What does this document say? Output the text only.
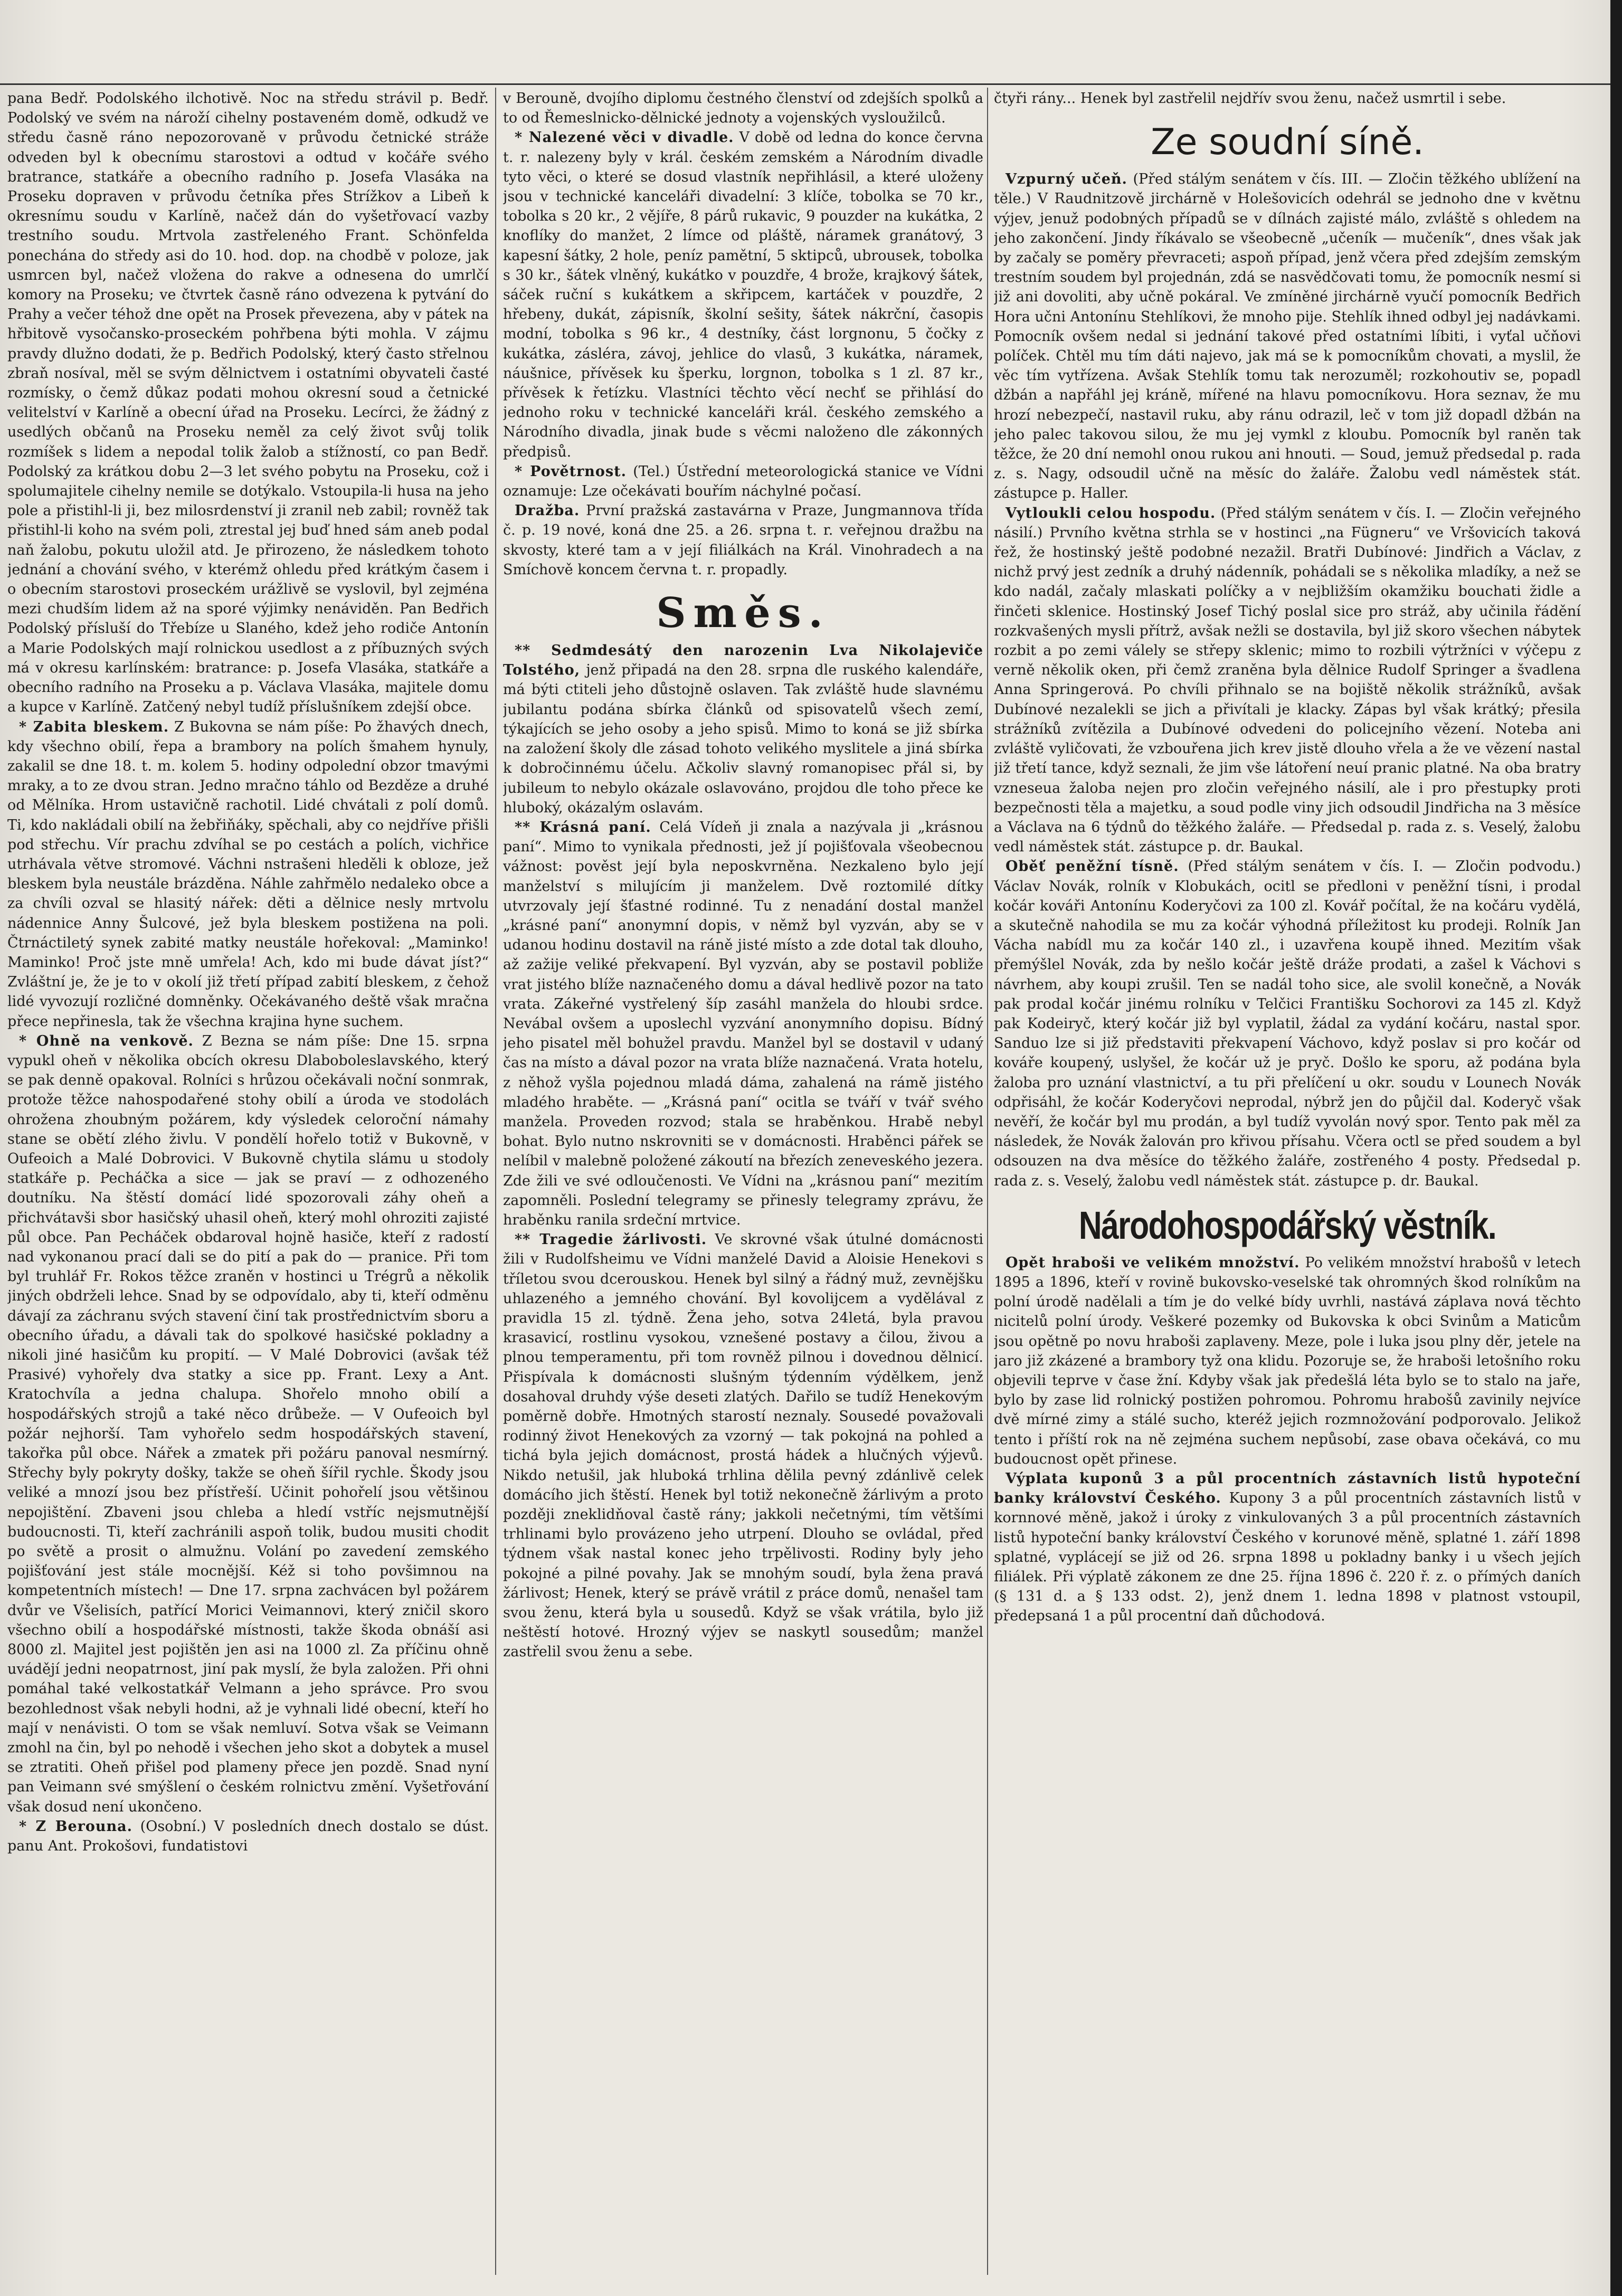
pana Bedř. Podolského ilchotivě. Noc na středu strávil p. Bedř. Podolský ve svém na nároží cihelny postaveném domě, odkudž ve středu časně ráno nepozorovaně v průvodu četnické stráže odveden byl k obecnímu starostovi a odtud v kočáře svého bratrance, statkáře a obecního radního p. Josefa Vlasáka na Proseku dopraven v průvodu četníka přes Strížkov a Libeň k okresnímu soudu v Karlíně, načež dán do vyšetřovací vazby trestního soudu. Mrtvola zastřeleného Frant. Schönfelda ponechána do středy asi do 10. hod. dop. na chodbě v poloze, jak usmrcen byl, načež vložena do rakve a odnesena do umrlčí komory na Proseku; ve čtvrtek časně ráno odvezena k pytvání do Prahy a večer téhož dne opět na Prosek převezena, aby v pátek na hřbitově vysočansko-proseckém pohřbena býti mohla. V zájmu pravdy dlužno dodati, že p. Bedřich Podolský, který často střelnou zbraň nosíval, měl se svým dělnictvem i ostatními obyvateli časté rozmísky, o čemž důkaz podati mohou okresní soud a četnické velitelství v Karlíně a obecní úřad na Proseku. Lecírci, že žádný z usedlých občanů na Proseku neměl za celý život svůj tolik rozmíšek s lidem a nepodal tolik žalob a stížností, co pan Bedř. Podolský za krátkou dobu 2—3 let svého pobytu na Proseku, což i spolumajitele cihelny nemile se dotýkalo. Vstoupila-li husa na jeho pole a přistihl-li ji, bez milosrdenství ji zranil neb zabil; rovněž tak přistihl-li koho na svém poli, ztrestal jej buď hned sám aneb podal naň žalobu, pokutu uložil atd. Je přirozeno, že následkem tohoto jednání a chování svého, v kterémž ohledu před krátkým časem i o obecním starostovi proseckém urážlivě se vyslovil, byl zejména mezi chudším lidem až na sporé výjimky nenáviděn. Pan Bedřich Podolský přísluší do Třebíze u Slaného, kdež jeho rodiče Antonín a Marie Podolských mají rolnickou usedlost a z příbuzných svých má v okresu karlínském: bratrance: p. Josefa Vlasáka, statkáře a obecního radního na Proseku a p. Václava Vlasáka, majitele domu a kupce v Karlíně. Zatčený nebyl tudíž příslušníkem zdejší obce.

* Zabita bleskem. Z Bukovna se nám píše: Po žhavých dnech, kdy všechno obilí, řepa a brambory na polích šmahem hynuly, zakalil se dne 18. t. m. kolem 5. hodiny odpolední obzor tmavými mraky, a to ze dvou stran. Jedno mračno táhlo od Bezděze a druhé od Mělníka. Hrom ustavičně rachotil. Lidé chvátali z polí domů. Ti, kdo nakládali obilí na žebřiňáky, spěchali, aby co nejdříve přišli pod střechu. Vír prachu zdvíhal se po cestách a polích, vichřice utrhávala větve stromové. Váchni nstrašeni hleděli k obloze, jež bleskem byla neustále brázděna. Náhle zahřmělo nedaleko obce a za chvíli ozval se hlasitý nářek: děti a dělnice nesly mrtvolu nádennice Anny Šulcové, jež byla bleskem postižena na poli. Čtrnáctiletý synek zabité matky neustále hořekoval: „Maminko! Maminko! Proč jste mně umřela! Ach, kdo mi bude dávat jíst?“ Zvláštní je, že je to v okolí již třetí případ zabití bleskem, z čehož lidé vyvozují rozličné domněnky. Očekávaného deště však mračna přece nepřinesla, tak že všechna krajina hyne suchem.

* Ohně na venkově. Z Bezna se nám píše: Dne 15. srpna vypukl oheň v několika obcích okresu Dlaboboleslavského, který se pak denně opakoval. Rolníci s hrůzou očekávali noční sonmrak, protože těžce nahospodařené stohy obilí a úroda ve stodolách ohrožena zhoubným požárem, kdy výsledek celoroční námahy stane se obětí zlého živlu. V pondělí hořelo totiž v Bukovně, v Oufeoich a Malé Dobrovici. V Bukovně chytila slámu u stodoly statkáře p. Pecháčka a sice — jak se praví — z odhozeného doutníku. Na štěstí domácí lidé spozorovali záhy oheň a přichvátavši sbor hasičský uhasil oheň, který mohl ohroziti zajisté půl obce. Pan Pecháček obdaroval hojně hasiče, kteří z radostí nad vykonanou prací dali se do pití a pak do — pranice. Při tom byl truhlář Fr. Rokos těžce zraněn v hostinci u Trégrů a několik jiných obdrželi lehce. Snad by se odpovídalo, aby ti, kteří odměnu dávají za záchranu svých stavení činí tak prostřednictvím sboru a obecního úřadu, a dávali tak do spolkové hasičské pokladny a nikoli jiné hasičům ku propití. — V Malé Dobrovici (avšak též Prasivé) vyhořely dva statky a sice pp. Frant. Lexy a Ant. Kratochvíla a jedna chalupa. Shořelo mnoho obilí a hospodářských strojů a také něco drůbeže. — V Oufeoich byl požár nejhorší. Tam vyhořelo sedm hospodářských stavení, takořka půl obce. Nářek a zmatek při požáru panoval nesmírný. Střechy byly pokryty došky, takže se oheň šířil rychle. Škody jsou veliké a mnozí jsou bez přístřeší. Učinit pohořelí jsou většinou nepojištění. Zbaveni jsou chleba a hledí vstříc nejsmutnější budoucnosti. Ti, kteří zachránili aspoň tolik, budou musiti chodit po světě a prosit o almužnu. Volání po zavedení zemského pojišťování jest stále mocnější. Kéž si toho povšimnou na kompetentních místech! — Dne 17. srpna zachvácen byl požárem dvůr ve Všelisích, patřící Morici Veimannovi, který zničil skoro všechno obilí a hospodářské místnosti, takže škoda obnáší asi 8000 zl. Majitel jest pojištěn jen asi na 1000 zl. Za příčinu ohně uvádějí jedni neopatrnost, jiní pak myslí, že byla založen. Při ohni pomáhal také velkostatkář Velmann a jeho správce. Pro svou bezohlednost však nebyli hodni, až je vyhnali lidé obecní, kteří ho mají v nenávisti. O tom se však nemluví. Sotva však se Veimann zmohl na čin, byl po nehodě i všechen jeho skot a dobytek a musel se ztratiti. Oheň přišel pod plameny přece jen pozdě. Snad nyní pan Veimann své smýšlení o českém rolnictvu změní. Vyšetřování však dosud není ukončeno.

* Z Berouna. (Osobní.) V posledních dnech dostalo se dúst. panu Ant. Prokošovi, fundatistovi

v Berouně, dvojího diplomu čestného členství od zdejších spolků a to od Řemeslnicko-dělnické jednoty a vojenských vysloužilců.

* Nalezené věci v divadle. V době od ledna do konce června t. r. nalezeny byly v král. českém zemském a Národním divadle tyto věci, o které se dosud vlastník nepřihlásil, a které uloženy jsou v technické kanceláři divadelní: 3 klíče, tobolka se 70 kr., tobolka s 20 kr., 2 vějíře, 8 párů rukavic, 9 pouzder na kukátka, 2 knoflíky do manžet, 2 límce od pláště, náramek granátový, 3 kapesní šátky, 2 hole, peníz pamětní, 5 sktipců, ubrousek, tobolka s 30 kr., šátek vlněný, kukátko v pouzdře, 4 brože, krajkový šátek, sáček ruční s kukátkem a skřipcem, kartáček v pouzdře, 2 hřebeny, dukát, zápisník, školní sešity, šátek nákrční, časopis modní, tobolka s 96 kr., 4 destníky, část lorgnonu, 5 čočky z kukátka, zásléra, závoj, jehlice do vlasů, 3 kukátka, náramek, náušnice, přívěsek ku šperku, lorgnon, tobolka s 1 zl. 87 kr., přívěsek k řetízku. Vlastníci těchto věcí nechť se přihlásí do jednoho roku v technické kanceláři král. českého zemského a Národního divadla, jinak bude s věcmi naloženo dle zákonných předpisů.

* Povětrnost. (Tel.) Ústřední meteorologická stanice ve Vídni oznamuje: Lze očekávati bouřím náchylné počasí.

Dražba. První pražská zastavárna v Praze, Jungmannova třída č. p. 19 nové, koná dne 25. a 26. srpna t. r. veřejnou dražbu na skvosty, které tam a v její filiálkách na Král. Vinohradech a na Smíchově koncem června t. r. propadly.

Směs.

** Sedmdesátý den narozenin Lva Nikolajeviče Tolstého, jenž připadá na den 28. srpna dle ruského kalendáře, má býti ctiteli jeho důstojně oslaven. Tak zvláště hude slavnému jubilantu podána sbírka článků od spisovatelů všech zemí, týkajících se jeho osoby a jeho spisů. Mimo to koná se již sbírka na založení školy dle zásad tohoto velikého myslitele a jiná sbírka k dobročinnému účelu. Ačkoliv slavný romanopisec přál si, by jubileum to nebylo okázale oslavováno, projdou dle toho přece ke hluboký, okázalým oslavám.

** Krásná paní. Celá Vídeň ji znala a nazývala ji „krásnou paní“. Mimo to vynikala přednosti, jež jí pojišťovala všeobecnou vážnost: pověst její byla neposkvrněna. Nezkaleno bylo její manželství s milujícím ji manželem. Dvě roztomilé dítky utvrzovaly její šťastné rodinné. Tu z nenadání dostal manžel „krásné paní“ anonymní dopis, v němž byl vyzván, aby se v udanou hodinu dostavil na ráně jisté místo a zde dotal tak dlouho, až zažije veliké překvapení. Byl vyzván, aby se postavil pobliže vrat jistého blíže naznačeného domu a dával hedlivě pozor na tato vrata. Zákeřné vystřelený šíp zasáhl manžela do hloubi srdce. Nevábal ovšem a uposlechl vyzvání anonymního dopisu. Bídný jeho pisatel měl bohužel pravdu. Manžel byl se dostavil v udaný čas na místo a dával pozor na vrata blíže naznačená. Vrata hotelu, z něhož vyšla pojednou mladá dáma, zahalená na rámě jistého mladého hraběte. — „Krásná paní“ ocitla se tváří v tvář svého manžela. Proveden rozvod; stala se hraběnkou. Hrabě nebyl bohat. Bylo nutno nskrovniti se v domácnosti. Hraběnci pářek se nelíbil v malebně položené zákoutí na březích zeneveského jezera. Zde žili ve své odloučenosti. Ve Vídni na „krásnou paní“ mezitím zapomněli. Poslední telegramy se přinesly telegramy zprávu, že hraběnku ranila srdeční mrtvice.

** Tragedie žárlivosti. Ve skrovné však útulné domácnosti žili v Rudolfsheimu ve Vídni manželé David a Aloisie Henekovi s tříletou svou dcerouskou. Henek byl silný a řádný muž, zevnějšku uhlazeného a jemného chování. Byl kovolijcem a vydělával z pravidla 15 zl. týdně. Žena jeho, sotva 24letá, byla pravou krasavicí, rostlinu vysokou, vznešené postavy a čilou, živou a plnou temperamentu, při tom rovněž pilnou i dovednou dělnicí. Přispívala k domácnosti slušným týdenním výdělkem, jenž dosahoval druhdy výše deseti zlatých. Dařilo se tudíž Henekovým poměrně dobře. Hmotných starostí neznaly. Sousedé považovali rodinný život Henekových za vzorný — tak pokojná na pohled a tichá byla jejich domácnost, prostá hádek a hlučných výjevů. Nikdo netušil, jak hluboká trhlina dělila pevný zdánlivě celek domácího jich štěstí. Henek byl totiž nekonečně žárlivým a proto později zneklidňoval častě rány; jakkoli nečetnými, tím většími trhlinami bylo provázeno jeho utrpení. Dlouho se ovládal, před týdnem však nastal konec jeho trpělivosti. Rodiny byly jeho pokojné a pilné povahy. Jak se mnohým soudí, byla žena pravá žárlivost; Henek, který se právě vrátil z práce domů, nenašel tam svou ženu, která byla u sousedů. Když se však vrátila, bylo již neštěstí hotové. Hrozný výjev se naskytl sousedům; manžel zastřelil svou ženu a sebe.

čtyři rány... Henek byl zastřelil nejdřív svou ženu, načež usmrtil i sebe.

Ze soudní síně.

Vzpurný učeň. (Před stálým senátem v čís. III. — Zločin těžkého ublížení na těle.) V Raudnitzově jirchárně v Holešovicích odehrál se jednoho dne v květnu výjev, jenuž podobných případů se v dílnách zajisté málo, zvláště s ohledem na jeho zakončení. Jindy říkávalo se všeobecně „učeník — mučeník“, dnes však jak by začaly se poměry převraceti; aspoň případ, jenž včera před zdejším zemským trestním soudem byl projednán, zdá se nasvědčovati tomu, že pomocník nesmí si již ani dovoliti, aby učně pokáral. Ve zmíněné jirchárně vyučí pomocník Bedřich Hora učni Antonínu Stehlíkovi, že mnoho pije. Stehlík ihned odbyl jej nadávkami. Pomocník ovšem nedal si jednání takové před ostatními líbiti, i vyťal učňovi políček. Chtěl mu tím dáti najevo, jak má se k pomocníkům chovati, a myslil, že věc tím vytřízena. Avšak Stehlík tomu tak nerozuměl; rozkohoutiv se, popadl džbán a napřáhl jej kráně, mířené na hlavu pomocníkovu. Hora seznav, že mu hrozí nebezpečí, nastavil ruku, aby ránu odrazil, leč v tom již dopadl džbán na jeho palec takovou silou, že mu jej vymkl z kloubu. Pomocník byl raněn tak těžce, že 20 dní nemohl onou rukou ani hnouti. — Soud, jemuž předsedal p. rada z. s. Nagy, odsoudil učně na měsíc do žaláře. Žalobu vedl náměstek stát. zástupce p. Haller.

Vytloukli celou hospodu. (Před stálým senátem v čís. I. — Zločin veřejného násilí.) Prvního května strhla se v hostinci „na Fügneru“ ve Vršovicích taková řež, že hostinský ještě podobné nezažil. Bratři Dubínové: Jindřich a Václav, z nichž prvý jest zedník a druhý nádenník, pohádali se s několika mladíky, a než se kdo nadál, začaly mlaskati políčky a v nejbližším okamžiku bouchati židle a řinčeti sklenice. Hostinský Josef Tichý poslal sice pro stráž, aby učinila řádění rozkvašených mysli přítrž, avšak nežli se dostavila, byl již skoro všechen nábytek rozbit a po zemi válely se střepy sklenic; mimo to rozbili výtržníci v výčepu z verně několik oken, při čemž zraněna byla dělnice Rudolf Springer a švadlena Anna Springerová. Po chvíli přihnalo se na bojiště několik strážníků, avšak Dubínové nezalekli se jich a přivítali je klacky. Zápas byl však krátký; přesila strážníků zvítězila a Dubínové odvedeni do policejního vězení. Noteba ani zvláště vyličovati, že vzbouřena jich krev jistě dlouho vřela a že ve vězení nastal již třetí tance, když seznali, že jim vše látoření neuí pranic platné. Na oba bratry vzneseua žaloba nejen pro zločin veřejného násilí, ale i pro přestupky proti bezpečnosti těla a majetku, a soud podle viny jich odsoudil Jindřicha na 3 měsíce a Václava na 6 týdnů do těžkého žaláře. — Předsedal p. rada z. s. Veselý, žalobu vedl náměstek stát. zástupce p. dr. Baukal.

Oběť peněžní tísně. (Před stálým senátem v čís. I. — Zločin podvodu.) Václav Novák, rolník v Klobukách, ocitl se předloni v peněžní tísni, i prodal kočár kováři Antonínu Koderyčovi za 100 zl. Kovář počítal, že na kočáru vydělá, a skutečně nahodila se mu za kočár výhodná příležitost ku prodeji. Rolník Jan Vácha nabídl mu za kočár 140 zl., i uzavřena koupě ihned. Mezitím však přemýšlel Novák, zda by nešlo kočár ještě dráže prodati, a zašel k Váchovi s návrhem, aby koupi zrušil. Ten se nadál toho sice, ale svolil konečně, a Novák pak prodal kočár jinému rolníku v Telčici Františku Sochorovi za 145 zl. Když pak Kodeiryč, který kočár již byl vyplatil, žádal za vydání kočáru, nastal spor. Sanduo lze si již představiti překvapení Váchovo, když poslav si pro kočár od kováře koupený, uslyšel, že kočár už je pryč. Došlo ke sporu, až podána byla žaloba pro uznání vlastnictví, a tu při přelíčení u okr. soudu v Lounech Novák odpřisáhl, že kočár Koderyčovi neprodal, nýbrž jen do půjčil dal. Koderyč však nevěří, že kočár byl mu prodán, a byl tudíž vyvolán nový spor. Tento pak měl za následek, že Novák žalován pro křivou přísahu. Včera octl se před soudem a byl odsouzen na dva měsíce do těžkého žaláře, zostřeného 4 posty. Předsedal p. rada z. s. Veselý, žalobu vedl náměstek stát. zástupce p. dr. Baukal.

Národohospodářský věstník.

Opět hraboši ve velikém množství. Po velikém množství hrabošů v letech 1895 a 1896, kteří v rovině bukovsko-veselské tak ohromných škod rolníkům na polní úrodě nadělali a tím je do velké bídy uvrhli, nastává záplava nová těchto nicitelů polní úrody. Veškeré pozemky od Bukovska k obci Svinům a Maticům jsou opětně po novu hraboši zaplaveny. Meze, pole i luka jsou plny děr, jetele na jaro již zkázené a brambory tyž ona klidu. Pozoruje se, že hraboši letošního roku objevili teprve v čase žní. Kdyby však jak předešlá léta bylo se to stalo na jaře, bylo by zase lid rolnický postižen pohromou. Pohromu hrabošů zavinily nejvíce dvě mírné zimy a stálé sucho, kteréž jejich rozmnožování podporovalo. Jelikož tento i příští rok na ně zejména suchem nepůsobí, zase obava očekává, co mu budoucnost opět přinese.

Výplata kuponů 3 a půl procentních zástavních listů hypoteční banky království Českého. Kupony 3 a půl procentních zástavních listů v kornnové měně, jakož i úroky z vinkulovaných 3 a půl procentních zástavních listů hypoteční banky království Českého v korunové měně, splatné 1. září 1898 splatné, vyplácejí se již od 26. srpna 1898 u pokladny banky i u všech jejích filiálek. Při výplatě zákonem ze dne 25. října 1896 č. 220 ř. z. o přímých daních (§ 131 d. a § 133 odst. 2), jenž dnem 1. ledna 1898 v platnost vstoupil, předepsaná 1 a půl procentní daň důchodová.
